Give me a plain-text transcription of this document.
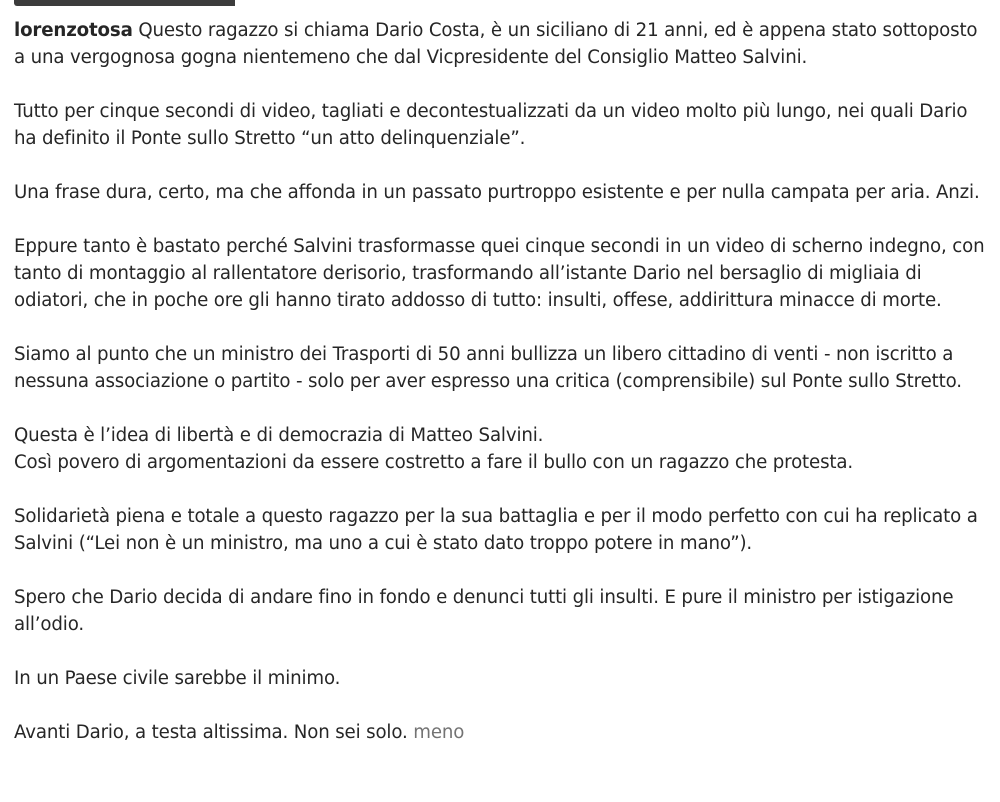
lorenzotosa Questo ragazzo si chiama Dario Costa, è un siciliano di 21 anni, ed è appena stato sottoposto a una vergognosa gogna nientemeno che dal Vicpresidente del Consiglio Matteo Salvini.

Tutto per cinque secondi di video, tagliati e decontestualizzati da un video molto più lungo, nei quali Dario ha definito il Ponte sullo Stretto “un atto delinquenziale”.

Una frase dura, certo, ma che affonda in un passato purtroppo esistente e per nulla campata per aria. Anzi.

Eppure tanto è bastato perché Salvini trasformasse quei cinque secondi in un video di scherno indegno, con tanto di montaggio al rallentatore derisorio, trasformando all’istante Dario nel bersaglio di migliaia di odiatori, che in poche ore gli hanno tirato addosso di tutto: insulti, offese, addirittura minacce di morte.

Siamo al punto che un ministro dei Trasporti di 50 anni bullizza un libero cittadino di venti - non iscritto a nessuna associazione o partito - solo per aver espresso una critica (comprensibile) sul Ponte sullo Stretto.

Questa è l’idea di libertà e di democrazia di Matteo Salvini.
Così povero di argomentazioni da essere costretto a fare il bullo con un ragazzo che protesta.

Solidarietà piena e totale a questo ragazzo per la sua battaglia e per il modo perfetto con cui ha replicato a Salvini (“Lei non è un ministro, ma uno a cui è stato dato troppo potere in mano”).

Spero che Dario decida di andare fino in fondo e denunci tutti gli insulti. E pure il ministro per istigazione all’odio.

In un Paese civile sarebbe il minimo.

Avanti Dario, a testa altissima. Non sei solo. meno
